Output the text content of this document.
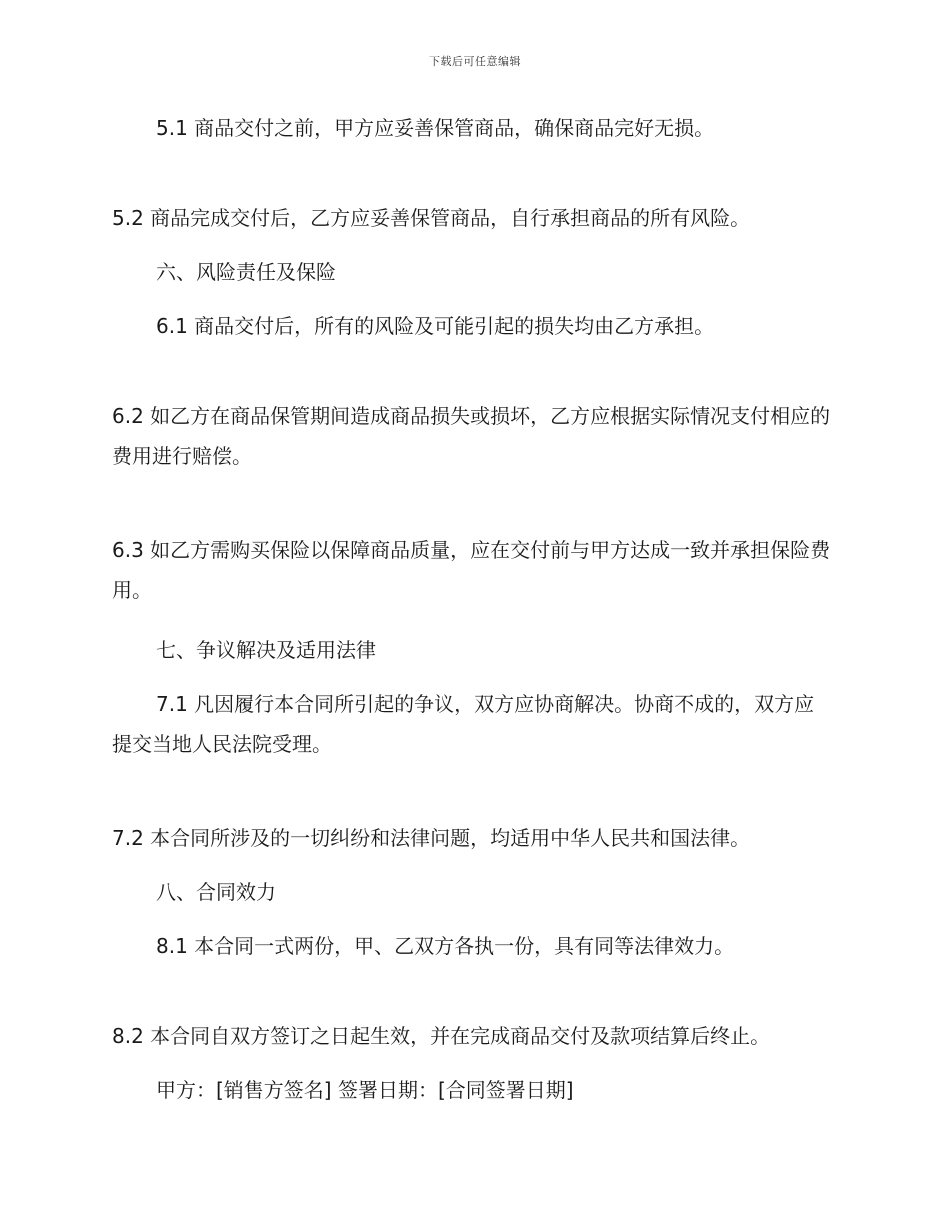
下载后可任意编辑

5.1 商品交付之前，甲方应妥善保管商品，确保商品完好无损。

5.2 商品完成交付后，乙方应妥善保管商品，自行承担商品的所有风险。

六、风险责任及保险

6.1 商品交付后，所有的风险及可能引起的损失均由乙方承担。

6.2 如乙方在商品保管期间造成商品损失或损坏，乙方应根据实际情况支付相应的费用进行赔偿。

6.3 如乙方需购买保险以保障商品质量，应在交付前与甲方达成一致并承担保险费用。

七、争议解决及适用法律

7.1 凡因履行本合同所引起的争议，双方应协商解决。协商不成的，双方应提交当地人民法院受理。

7.2 本合同所涉及的一切纠纷和法律问题，均适用中华人民共和国法律。

八、合同效力

8.1 本合同一式两份，甲、乙双方各执一份，具有同等法律效力。

8.2 本合同自双方签订之日起生效，并在完成商品交付及款项结算后终止。

甲方：[销售方签名] 签署日期：[合同签署日期]
